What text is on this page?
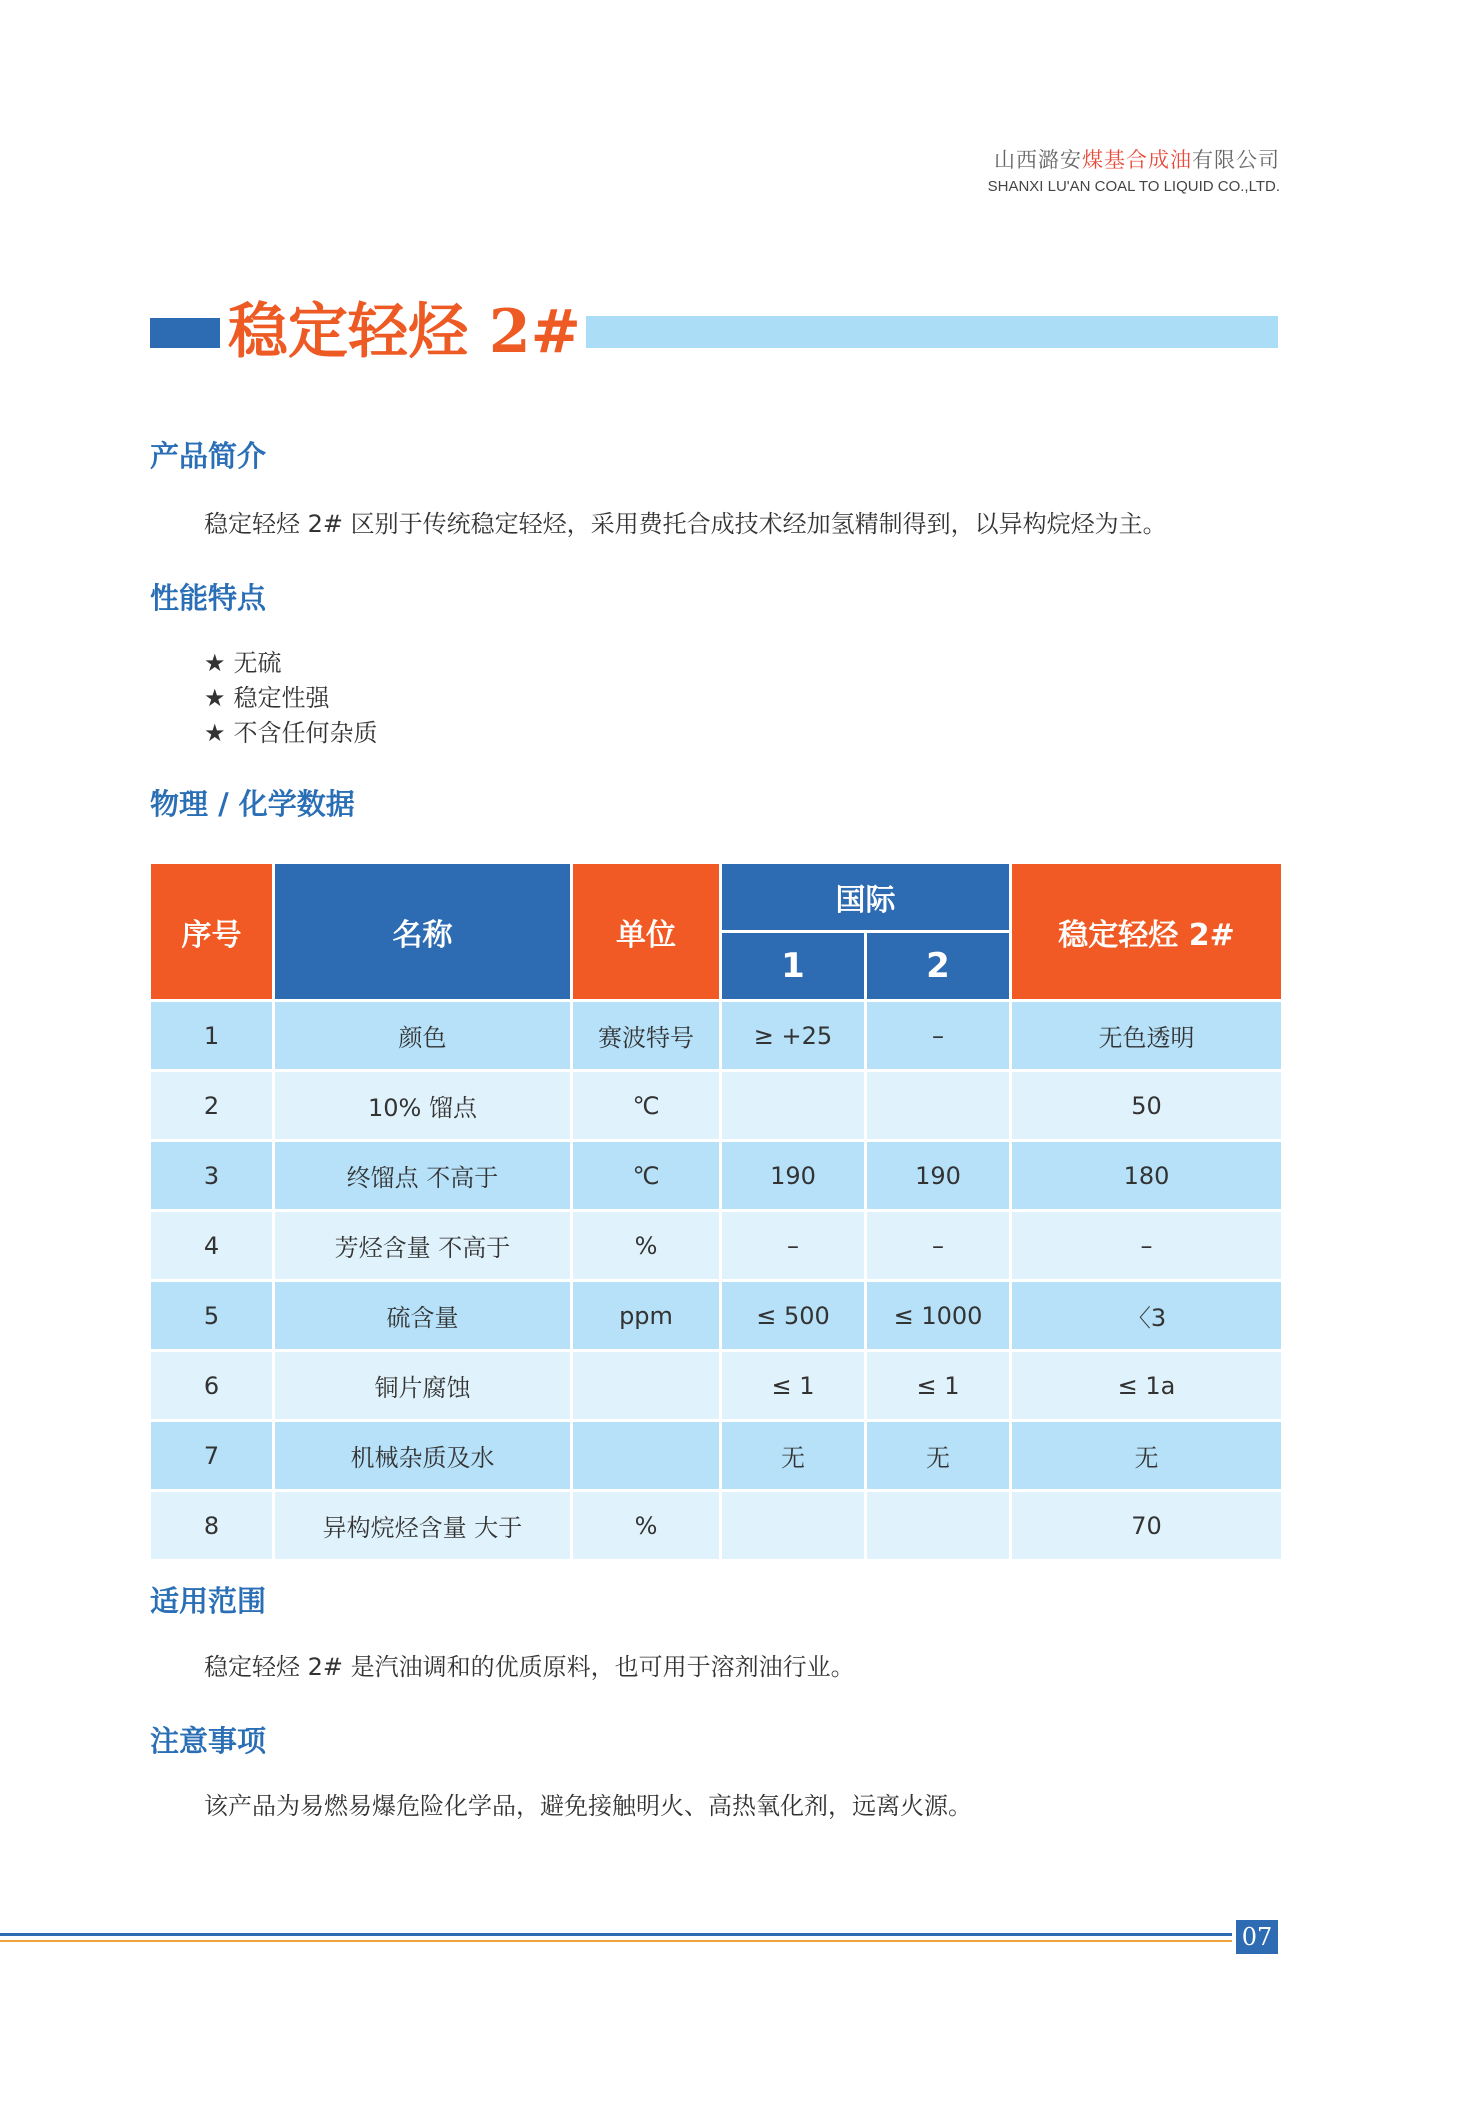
山西潞安煤基合成油有限公司
SHANXI LU'AN COAL TO LIQUID CO.,LTD.
稳定轻烃 2#
产品简介
稳定轻烃 2# 区别于传统稳定轻烃，采用费托合成技术经加氢精制得到，以异构烷烃为主。
性能特点
★ 无硫
★ 稳定性强
★ 不含任何杂质
物理 / 化学数据
序号	名称	单位	国际		稳定轻烃 2#
			1	2	
1	颜色	赛波特号	≥ +25	–	无色透明
2	10% 馏点	℃			50
3	终馏点 不高于	℃	190	190	180
4	芳烃含量 不高于	%	–	–	–
5	硫含量	ppm	≤ 500	≤ 1000	〈3
6	铜片腐蚀		≤ 1	≤ 1	≤ 1a
7	机械杂质及水		无	无	无
8	异构烷烃含量 大于	%			70
适用范围
稳定轻烃 2# 是汽油调和的优质原料，也可用于溶剂油行业。
注意事项
该产品为易燃易爆危险化学品，避免接触明火、高热氧化剂，远离火源。
07
